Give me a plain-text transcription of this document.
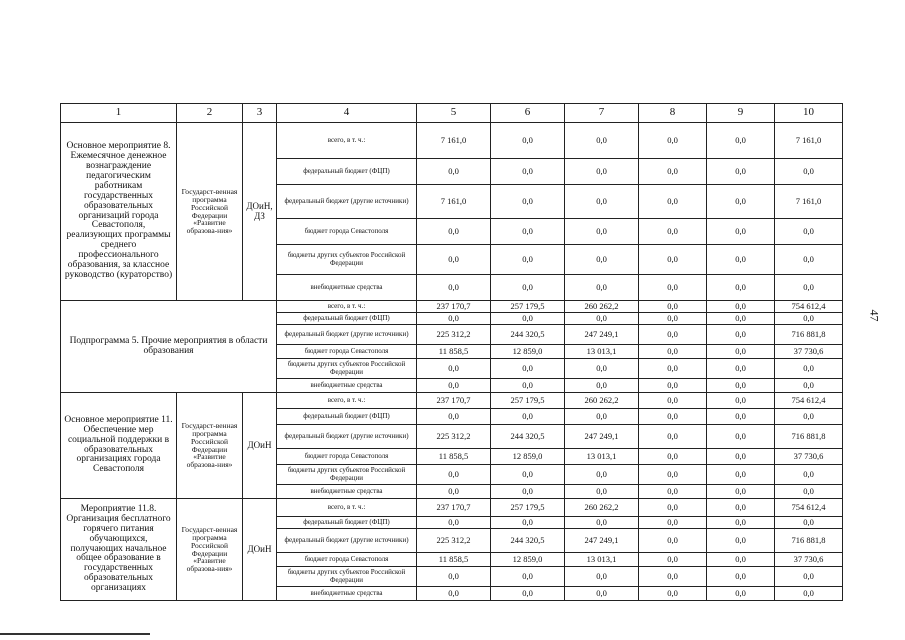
1	2	3	4	5	6	7	8	9	10
Основное мероприятие 8. Ежемесячное денежное вознаграждение педагогическим работникам государственных образовательных организаций города Севастополя, реализующих программы среднего профессионального образования, за классное руководство (кураторство)	Государст-венная программа Российской Федерации «Развитие образова-ния»	ДОиН, ДЗ	всего, в т. ч.:	7 161,0	0,0	0,0	0,0	0,0	7 161,0
			федеральный бюджет (ФЦП)	0,0	0,0	0,0	0,0	0,0	0,0
			федеральный бюджет (другие источники)	7 161,0	0,0	0,0	0,0	0,0	7 161,0
			бюджет города Севастополя	0,0	0,0	0,0	0,0	0,0	0,0
			бюджеты других субъектов Российской Федерации	0,0	0,0	0,0	0,0	0,0	0,0
			внебюджетные средства	0,0	0,0	0,0	0,0	0,0	0,0
Подпрограмма 5. Прочие мероприятия в области образования			всего, в т. ч.:	237 170,7	257 179,5	260 262,2	0,0	0,0	754 612,4
			федеральный бюджет (ФЦП)	0,0	0,0	0,0	0,0	0,0	0,0
			федеральный бюджет (другие источники)	225 312,2	244 320,5	247 249,1	0,0	0,0	716 881,8
			бюджет города Севастополя	11 858,5	12 859,0	13 013,1	0,0	0,0	37 730,6
			бюджеты других субъектов Российской Федерации	0,0	0,0	0,0	0,0	0,0	0,0
			внебюджетные средства	0,0	0,0	0,0	0,0	0,0	0,0
Основное мероприятие 11. Обеспечение мер социальной поддержки в образовательных организациях города Севастополя	Государст-венная программа Российской Федерации «Развитие образова-ния»	ДОиН	всего, в т. ч.:	237 170,7	257 179,5	260 262,2	0,0	0,0	754 612,4
			федеральный бюджет (ФЦП)	0,0	0,0	0,0	0,0	0,0	0,0
			федеральный бюджет (другие источники)	225 312,2	244 320,5	247 249,1	0,0	0,0	716 881,8
			бюджет города Севастополя	11 858,5	12 859,0	13 013,1	0,0	0,0	37 730,6
			бюджеты других субъектов Российской Федерации	0,0	0,0	0,0	0,0	0,0	0,0
			внебюджетные средства	0,0	0,0	0,0	0,0	0,0	0,0
Мероприятие 11.8. Организация бесплатного горячего питания обучающихся, получающих начальное общее образование в государственных образовательных организациях	Государст-венная программа Российской Федерации «Развитие образова-ния»	ДОиН	всего, в т. ч.:	237 170,7	257 179,5	260 262,2	0,0	0,0	754 612,4
			федеральный бюджет (ФЦП)	0,0	0,0	0,0	0,0	0,0	0,0
			федеральный бюджет (другие источники)	225 312,2	244 320,5	247 249,1	0,0	0,0	716 881,8
			бюджет города Севастополя	11 858,5	12 859,0	13 013,1	0,0	0,0	37 730,6
			бюджеты других субъектов Российской Федерации	0,0	0,0	0,0	0,0	0,0	0,0
			внебюджетные средства	0,0	0,0	0,0	0,0	0,0	0,0
47
